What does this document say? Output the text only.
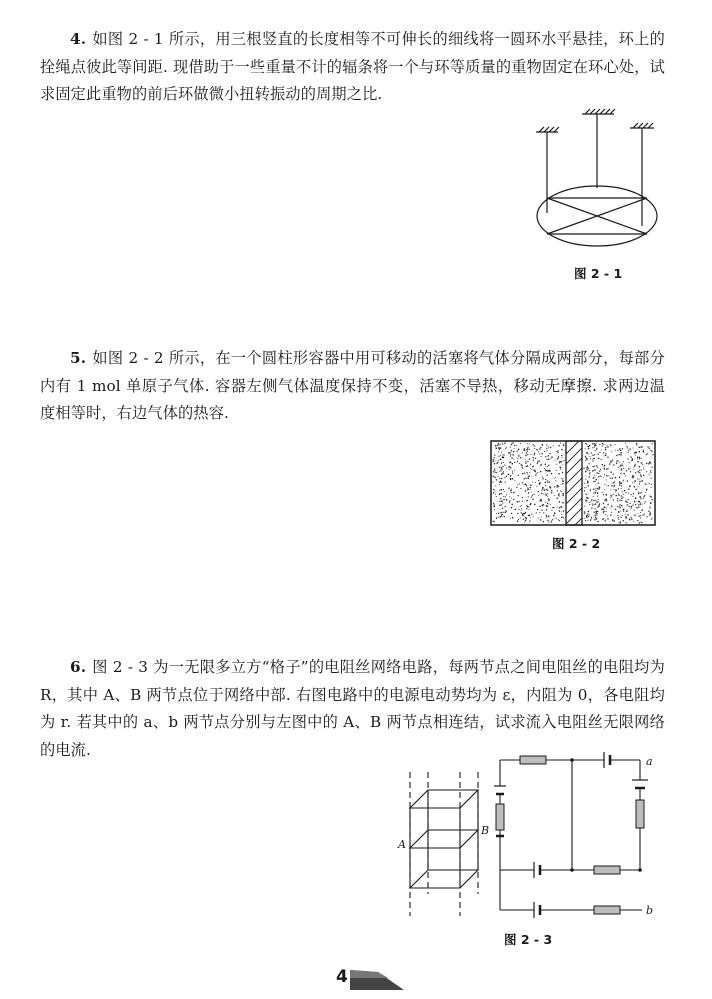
4. 如图 2 - 1 所示，用三根竖直的长度相等不可伸长的细线将一圆环水平悬挂，环上的拴绳点彼此等间距. 现借助于一些重量不计的辐条将一个与环等质量的重物固定在环心处，试求固定此重物的前后环做微小扭转振动的周期之比.
图 2 - 1
5. 如图 2 - 2 所示，在一个圆柱形容器中用可移动的活塞将气体分隔成两部分，每部分内有 1 mol 单原子气体. 容器左侧气体温度保持不变，活塞不导热，移动无摩擦. 求两边温度相等时，右边气体的热容.
图 2 - 2
6. 图 2 - 3 为一无限多立方“格子”的电阻丝网络电路，每两节点之间电阻丝的电阻均为 R，其中 A、B 两节点位于网络中部. 右图电路中的电源电动势均为 ε，内阻为 0，各电阻均为 r. 若其中的 a、b 两节点分别与左图中的 A、B 两节点相连结，试求流入电阻丝无限网络的电流.
A
B
a
b
图 2 - 3
4
